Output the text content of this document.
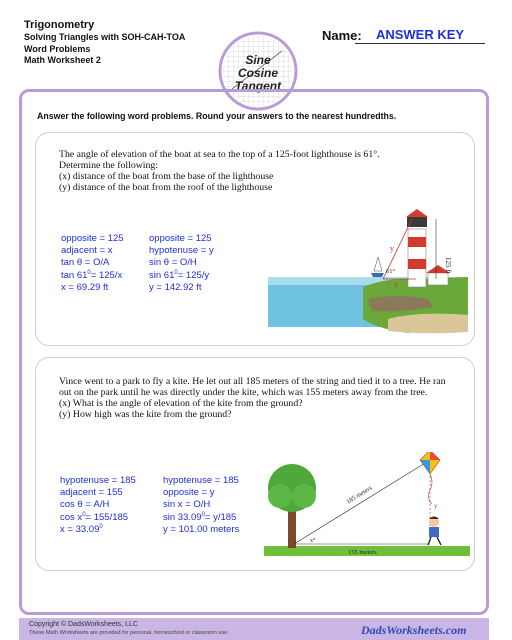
Trigonometry
Solving Triangles with SOH-CAH-TOA
Word Problems
Math Worksheet 2	Sine
Cosine
Tangent
Name:	ANSWER KEY
Answer the following word problems. Round your answers to the nearest hundredths.
The angle of elevation of the boat at sea to the top of a 125-foot lighthouse is 61°.
Determine the following:
(x) distance of the boat from the base of the lighthouse
(y) distance of the boat from the roof of the lighthouse
opposite = 125
adjacent = x
tan θ = O/A
$\tan 61^0= 125/x$
x = 69.29 ft
opposite = 125
hypotenuse = y
sin θ = O/H
$\sin 61^0= 125/y$
y = 142.92 ft
y
x
125 ft
61°
Vince went to a park to fly a kite. He let out all 185 meters of the string and tied it to a tree. He ran out on the park until he was directly under the kite, which was 155 meters away from the tree.
(x) What is the angle of elevation of the kite from the ground?
(y) How high was the kite from the ground?
hypotenuse = 185
adjacent = 155
cos θ = A/H
$\cos x^0= 155/185$
$x = 33.09^0$
hypotenuse = 185
opposite = y
sin x = O/H
$\sin 33.09^0= y/185$
y = 101.00 meters
185 meters
155 meters
y
x°
Copyright © DadsWorksheets, LLC
These Math Worksheets are provided for personal, homeschool or classroom use.	DadsWorksheets.com
